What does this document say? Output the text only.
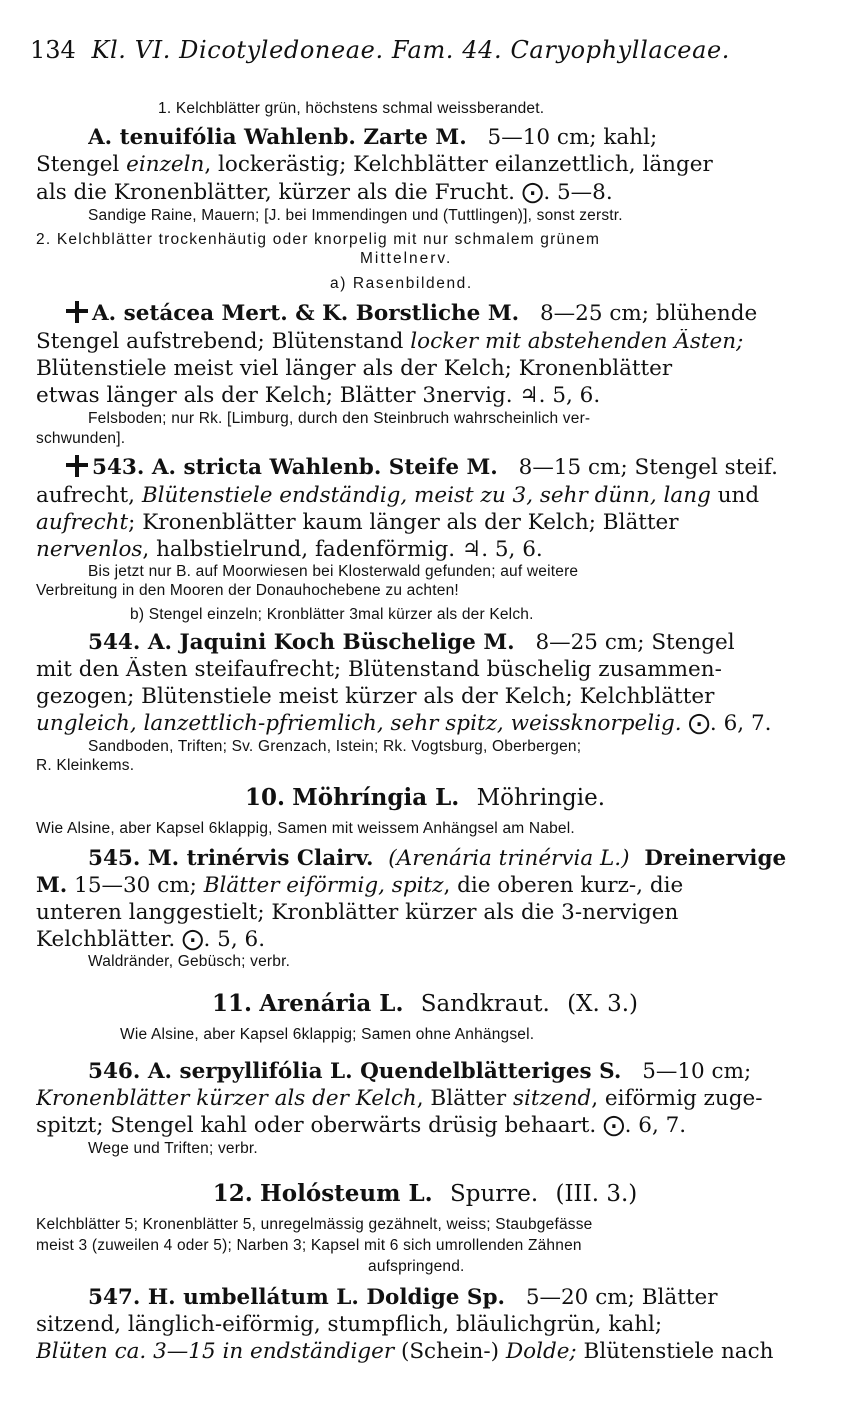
134 Kl. VI. Dicotyledoneae. Fam. 44. Caryophyllaceae.
1. Kelchblätter grün, höchstens schmal weissberandet.
A. tenuifólia Wahlenb. Zarte M. 5—10 cm; kahl;
Stengel einzeln, lockerästig; Kelchblätter eilanzettlich, länger
als die Kronenblätter, kürzer als die Frucht. ⨀. 5—8.
Sandige Raine, Mauern; [J. bei Immendingen und (Tuttlingen)], sonst zerstr.
2. Kelchblätter trockenhäutig oder knorpelig mit nur schmalem grünem
Mittelnerv.
a) Rasenbildend.
A. setácea Mert. & K. Borstliche M. 8—25 cm; blühende
Stengel aufstrebend; Blütenstand locker mit abstehenden Ästen;
Blütenstiele meist viel länger als der Kelch; Kronenblätter
etwas länger als der Kelch; Blätter 3nervig. ♃. 5, 6.
Felsboden; nur Rk. [Limburg, durch den Steinbruch wahrscheinlich ver-
schwunden].
543. A. stricta Wahlenb. Steife M. 8—15 cm; Stengel steif.
aufrecht, Blütenstiele endständig, meist zu 3, sehr dünn, lang und
aufrecht; Kronenblätter kaum länger als der Kelch; Blätter
nervenlos, halbstielrund, fadenförmig. ♃. 5, 6.
Bis jetzt nur B. auf Moorwiesen bei Klosterwald gefunden; auf weitere
Verbreitung in den Mooren der Donauhochebene zu achten!
b) Stengel einzeln; Kronblätter 3mal kürzer als der Kelch.
544. A. Jaquini Koch Büschelige M. 8—25 cm; Stengel
mit den Ästen steifaufrecht; Blütenstand büschelig zusammen-
gezogen; Blütenstiele meist kürzer als der Kelch; Kelchblätter
ungleich, lanzettlich-pfriemlich, sehr spitz, weissknorpelig. ⨀. 6, 7.
Sandboden, Triften; Sv. Grenzach, Istein; Rk. Vogtsburg, Oberbergen;
R. Kleinkems.
10. Möhríngia L. Möhringie.
Wie Alsine, aber Kapsel 6klappig, Samen mit weissem Anhängsel am Nabel.
545. M. trinérvis Clairv. (Arenária trinérvia L.) Dreinervige
M. 15—30 cm; Blätter eiförmig, spitz, die oberen kurz-, die
unteren langgestielt; Kronblätter kürzer als die 3-nervigen
Kelchblätter. ⨀. 5, 6.
Waldränder, Gebüsch; verbr.
11. Arenária L. Sandkraut. (X. 3.)
Wie Alsine, aber Kapsel 6klappig; Samen ohne Anhängsel.
546. A. serpyllifólia L. Quendelblätteriges S. 5—10 cm;
Kronenblätter kürzer als der Kelch, Blätter sitzend, eiförmig zuge-
spitzt; Stengel kahl oder oberwärts drüsig behaart. ⨀. 6, 7.
Wege und Triften; verbr.
12. Holósteum L. Spurre. (III. 3.)
Kelchblätter 5; Kronenblätter 5, unregelmässig gezähnelt, weiss; Staubgefässe
meist 3 (zuweilen 4 oder 5); Narben 3; Kapsel mit 6 sich umrollenden Zähnen
aufspringend.
547. H. umbellátum L. Doldige Sp. 5—20 cm; Blätter
sitzend, länglich-eiförmig, stumpflich, bläulichgrün, kahl;
Blüten ca. 3—15 in endständiger (Schein-) Dolde; Blütenstiele nach
